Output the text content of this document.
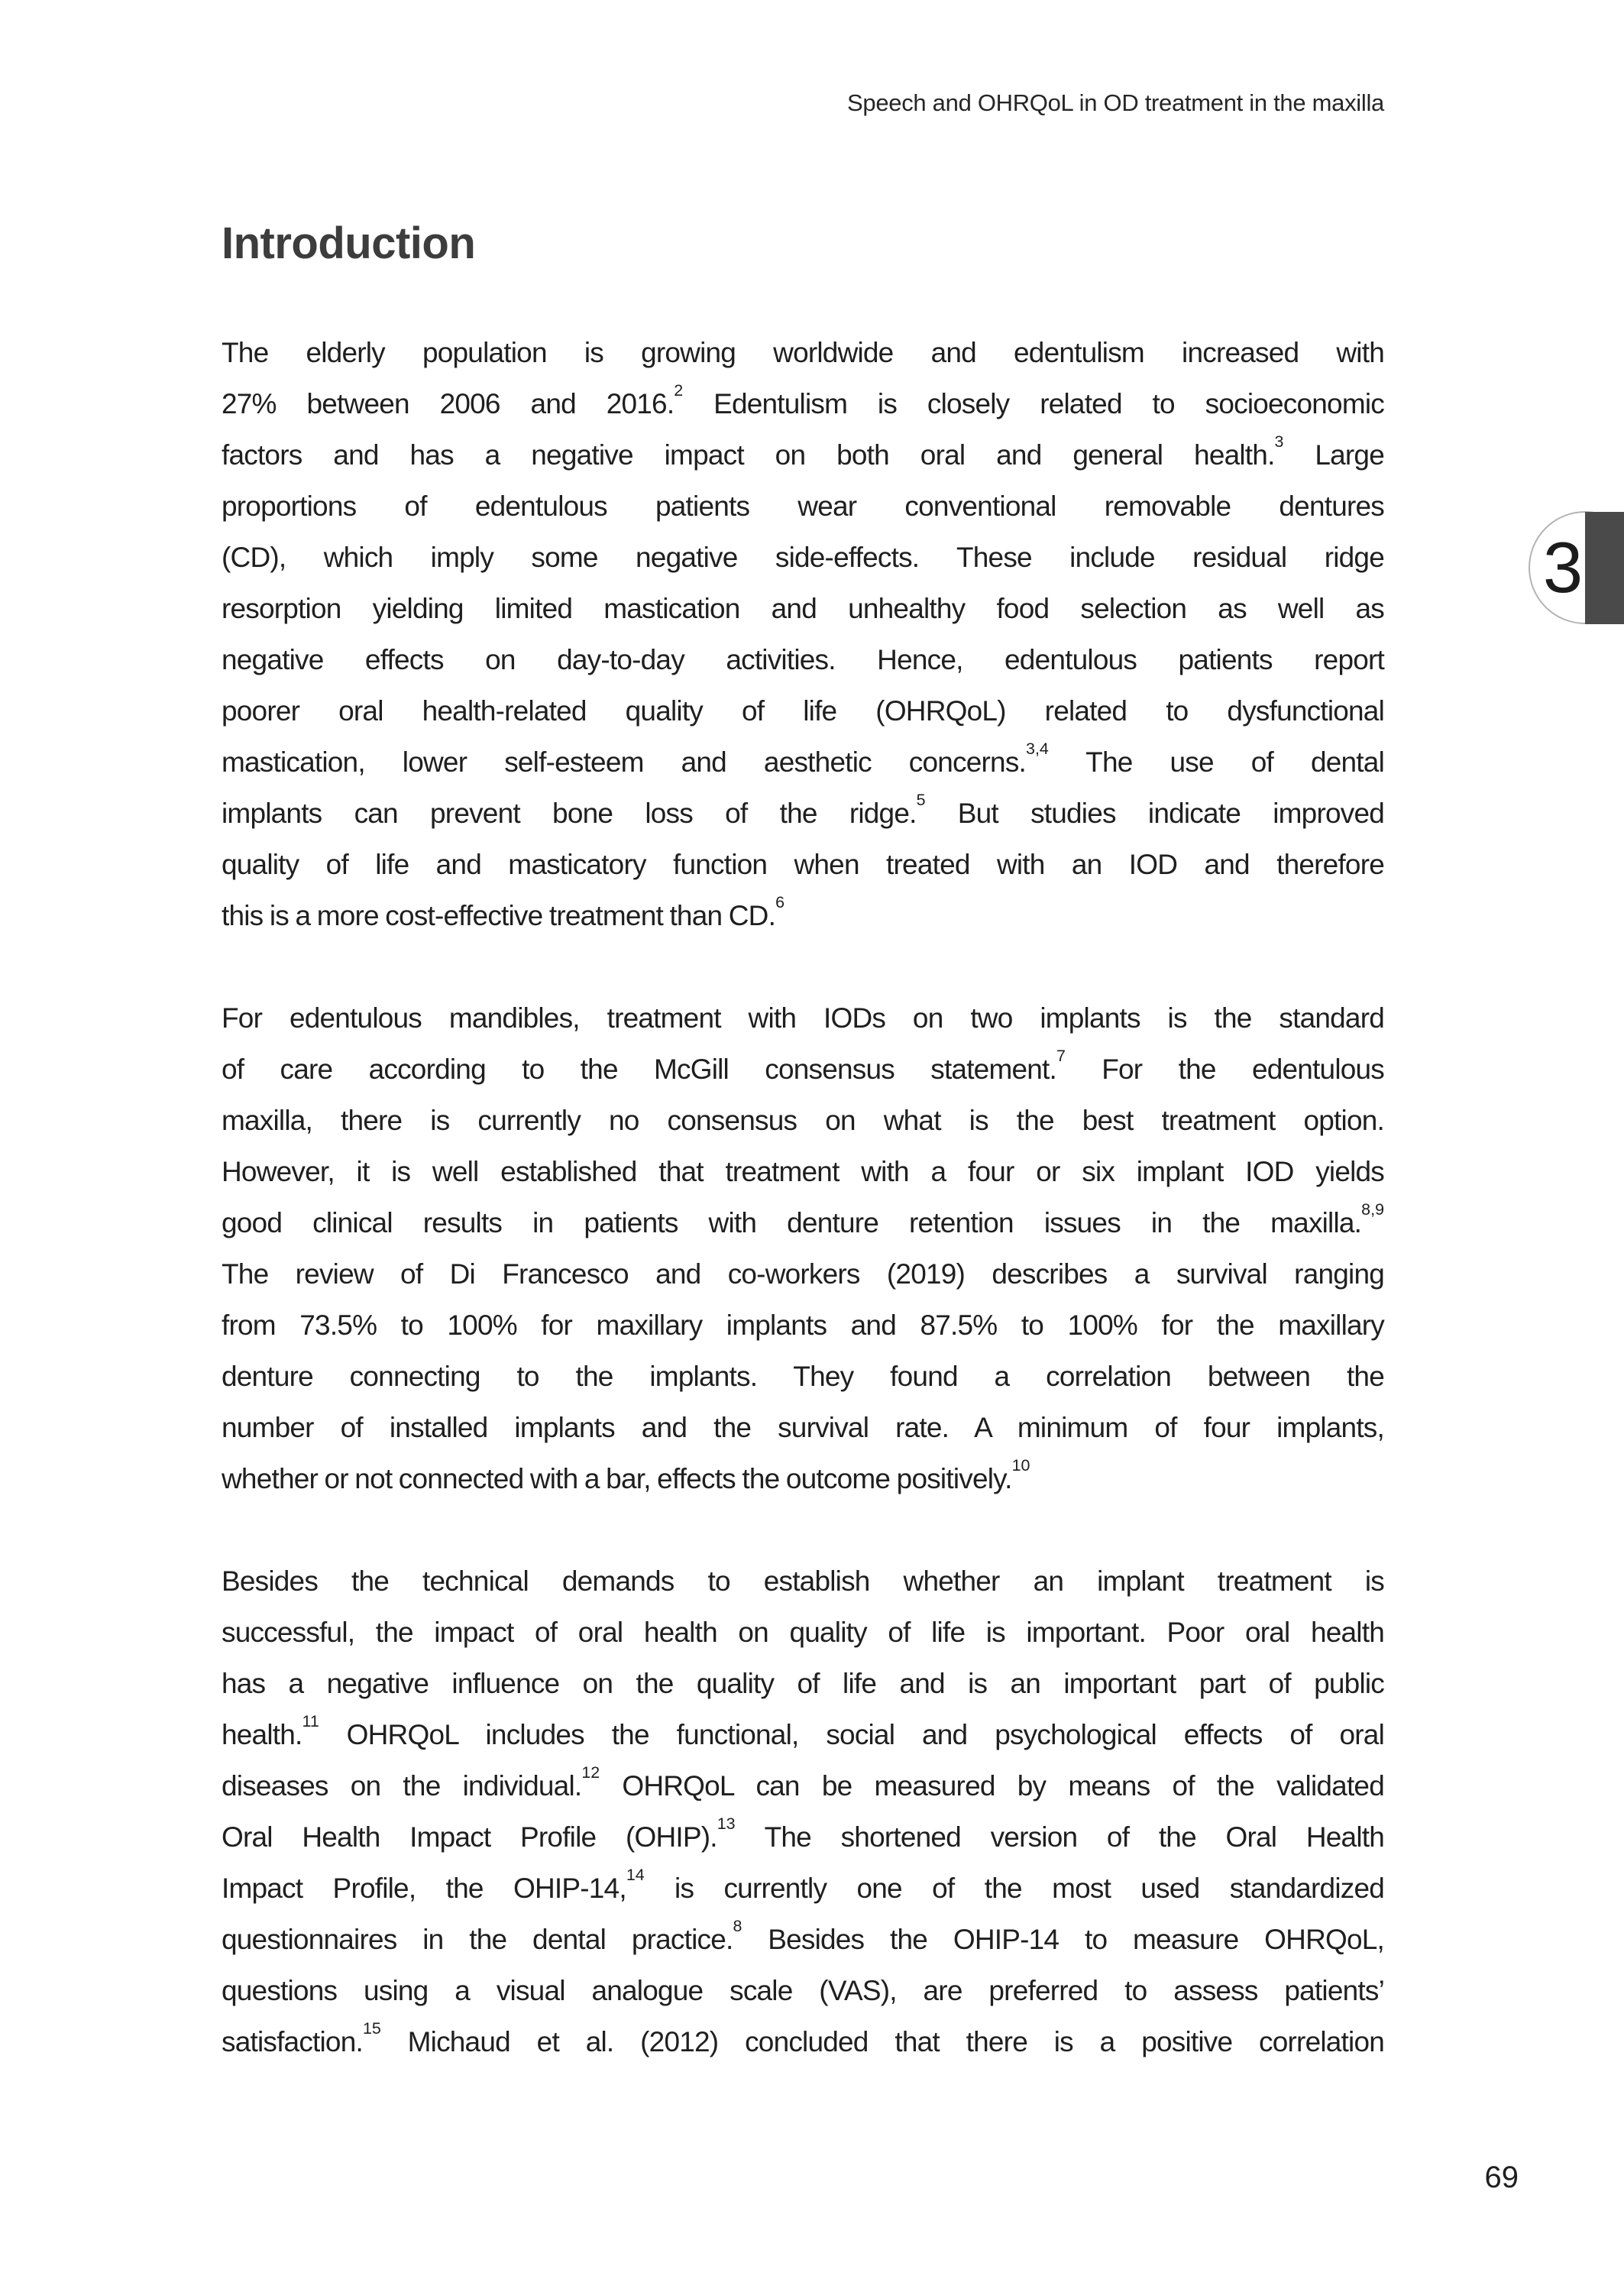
Speech and OHRQoL in OD treatment in the maxilla
Introduction
The elderly population is growing worldwide and edentulism increased with
27% between 2006 and 2016.$^2$ Edentulism is closely related to socioeconomic
factors and has a negative impact on both oral and general health.$^3$ Large
proportions of edentulous patients wear conventional removable dentures
(CD), which imply some negative side-effects. These include residual ridge
resorption yielding limited mastication and unhealthy food selection as well as
negative effects on day-to-day activities. Hence, edentulous patients report
poorer oral health-related quality of life (OHRQoL) related to dysfunctional
mastication, lower self-esteem and aesthetic concerns.$^{3,4}$ The use of dental
implants can prevent bone loss of the ridge.$^5$ But studies indicate improved
quality of life and masticatory function when treated with an IOD and therefore
this is a more cost-effective treatment than CD.$^6$
For edentulous mandibles, treatment with IODs on two implants is the standard
of care according to the McGill consensus statement.$^7$ For the edentulous
maxilla, there is currently no consensus on what is the best treatment option.
However, it is well established that treatment with a four or six implant IOD yields
good clinical results in patients with denture retention issues in the maxilla.$^{8,9}$
The review of Di Francesco and co-workers (2019) describes a survival ranging
from 73.5% to 100% for maxillary implants and 87.5% to 100% for the maxillary
denture connecting to the implants. They found a correlation between the
number of installed implants and the survival rate. A minimum of four implants,
whether or not connected with a bar, effects the outcome positively.$^{10}$
Besides the technical demands to establish whether an implant treatment is
successful, the impact of oral health on quality of life is important. Poor oral health
has a negative influence on the quality of life and is an important part of public
health.$^{11}$ OHRQoL includes the functional, social and psychological effects of oral
diseases on the individual.$^{12}$ OHRQoL can be measured by means of the validated
Oral Health Impact Profile (OHIP).$^{13}$ The shortened version of the Oral Health
Impact Profile, the OHIP-14,14 is currently one of the most used standardized
questionnaires in the dental practice.$^8$ Besides the OHIP-14 to measure OHRQoL,
questions using a visual analogue scale (VAS), are preferred to assess patients’
satisfaction.$^{15}$ Michaud et al. (2012) concluded that there is a positive correlation
3
69
